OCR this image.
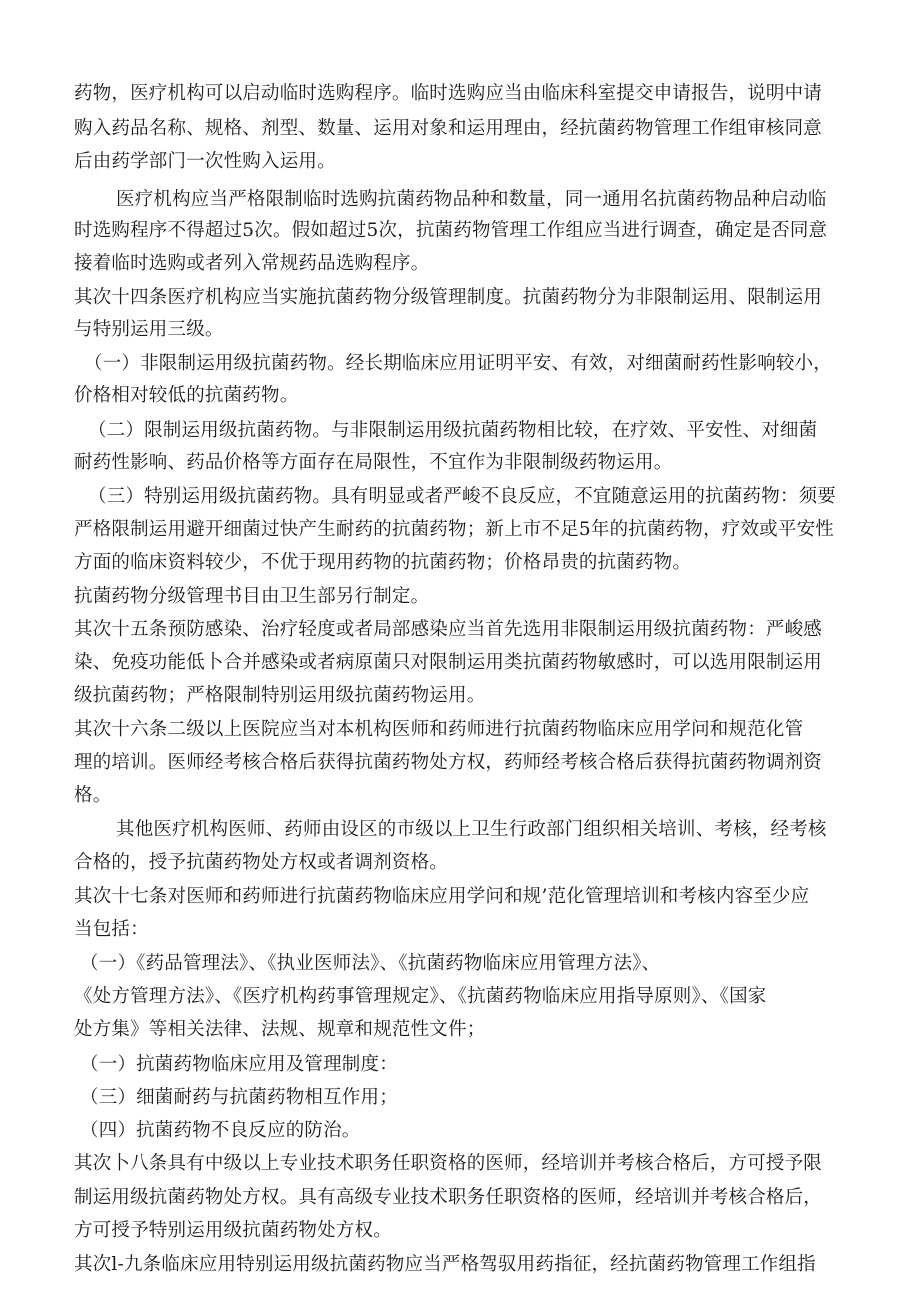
药物，医疗机构可以启动临时选购程序。临时选购应当由临床科室提交申请报告，说明中请
购入药品名称、规格、剂型、数量、运用对象和运用理由，经抗菌药物管理工作组审核同意
后由药学部门一次性购入运用。
医疗机构应当严格限制临时选购抗菌药物品种和数量，同一通用名抗菌药物品种启动临
时选购程序不得超过5次。假如超过5次，抗菌药物管理工作组应当进行调查，确定是否同意
接着临时选购或者列入常规药品选购程序。
其次十四条医疗机构应当实施抗菌药物分级管理制度。抗菌药物分为非限制运用、限制运用
与特别运用三级。
（一）非限制运用级抗菌药物。经长期临床应用证明平安、有效，对细菌耐药性影响较小，
价格相对较低的抗菌药物。
（二）限制运用级抗菌药物。与非限制运用级抗菌药物相比较，在疗效、平安性、对细菌
耐药性影响、药品价格等方面存在局限性，不宜作为非限制级药物运用。
（三）特别运用级抗菌药物。具有明显或者严峻不良反应，不宜随意运用的抗菌药物：须要
严格限制运用避开细菌过快产生耐药的抗菌药物；新上市不足5年的抗菌药物，疗效或平安性
方面的临床资料较少，不优于现用药物的抗菌药物；价格昂贵的抗菌药物。
抗菌药物分级管理书目由卫生部另行制定。
其次十五条预防感染、治疗轻度或者局部感染应当首先选用非限制运用级抗菌药物：严峻感
染、免疫功能低卜合并感染或者病原菌只对限制运用类抗菌药物敏感时，可以选用限制运用
级抗菌药物；严格限制特别运用级抗菌药物运用。
其次十六条二级以上医院应当对本机构医师和药师进行抗菌药物临床应用学问和规范化管
理的培训。医师经考核合格后获得抗菌药物处方权，药师经考核合格后获得抗菌药物调剂资
格。
其他医疗机构医师、药师由设区的市级以上卫生行政部门组织相关培训、考核，经考核
合格的，授予抗菌药物处方权或者调剂资格。
其次十七条对医师和药师进行抗菌药物临床应用学问和规’范化管理培训和考核内容至少应
当包括：
（一）《药品管理法》、《执业医师法》、《抗菌药物临床应用管理方法》、
《处方管理方法》、《医疗机构药事管理规定》、《抗菌药物临床应用指导原则》、《国家
处方集》等相关法律、法规、规章和规范性文件；
（一）抗菌药物临床应用及管理制度：
（三）细菌耐药与抗菌药物相互作用；
（四）抗菌药物不良反应的防治。
其次卜八条具有中级以上专业技术职务任职资格的医师，经培训并考核合格后，方可授予限
制运用级抗菌药物处方权。具有高级专业技术职务任职资格的医师，经培训并考核合格后，
方可授予特别运用级抗菌药物处方权。
其次l-九条临床应用特别运用级抗菌药物应当严格驾驭用药指征，经抗菌药物管理工作组指
